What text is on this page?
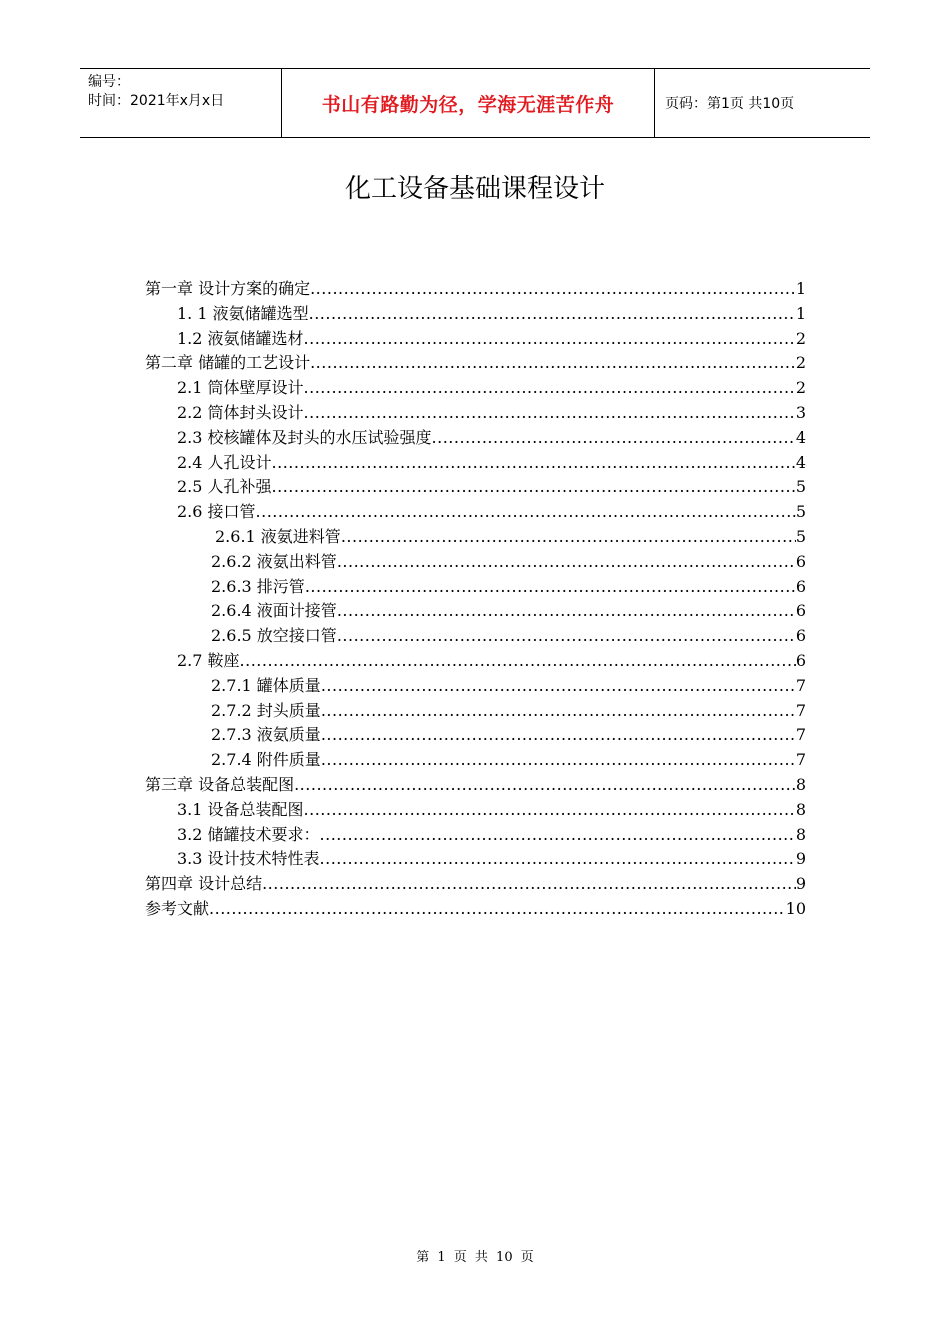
编号：
时间：2021年x月x日	书山有路勤为径，学海无涯苦作舟	页码：第1页 共10页
化工设备基础课程设计
第一章 设计方案的确定 .....	1
1. 1 液氨储罐选型 .....	1
1.2 液氨储罐选材 .....	2
第二章 储罐的工艺设计 .....	2
2.1 筒体壁厚设计 .....	2
2.2 筒体封头设计 .....	3
2.3 校核罐体及封头的水压试验强度 .....	4
2.4 人孔设计 .....	4
2.5 人孔补强 .....	5
2.6 接口管 .....	5
2.6.1 液氨进料管 .....	5
2.6.2 液氨出料管 .....	6
2.6.3 排污管 .....	6
2.6.4 液面计接管 .....	6
2.6.5 放空接口管 .....	6
2.7 鞍座 .....	6
2.7.1 罐体质量 .....	7
2.7.2 封头质量 .....	7
2.7.3 液氨质量 .....	7
2.7.4 附件质量 .....	7
第三章 设备总装配图 .....	8
3.1 设备总装配图 .....	8
3.2 储罐技术要求： .....	8
3.3 设计技术特性表 .....	9
第四章 设计总结 .....	9
参考文献 .....	10
第 1 页 共 10 页
